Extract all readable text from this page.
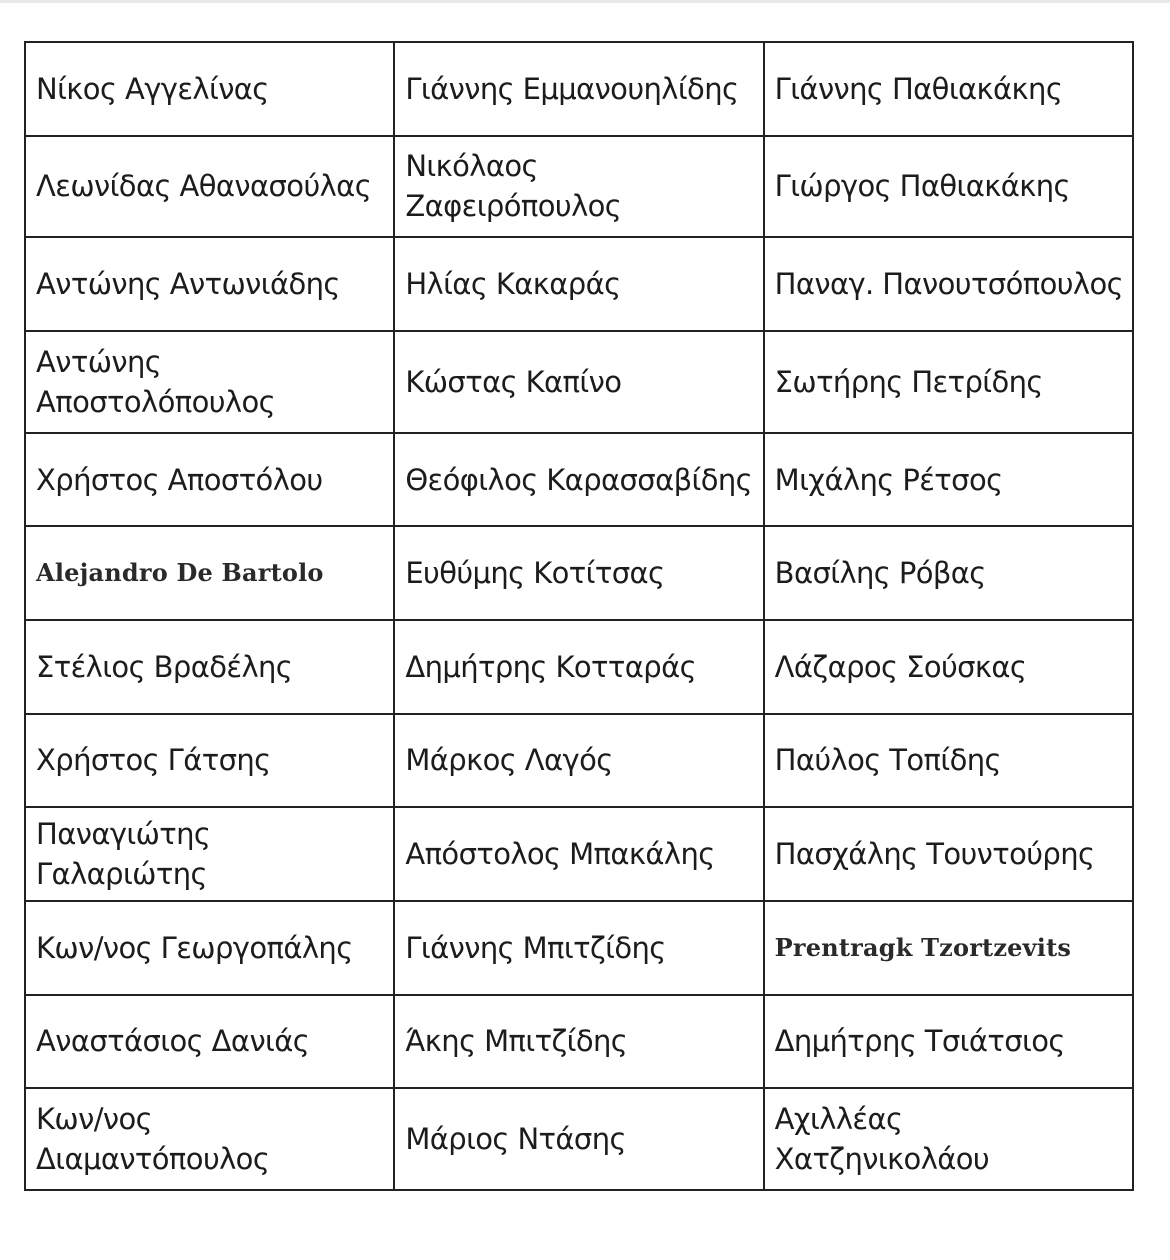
Νίκος Αγγελίνας	Γιάννης Εμμανουηλίδης	Γιάννης Παθιακάκης
Λεωνίδας Αθανασούλας	Νικόλαος Ζαφειρόπουλος	Γιώργος Παθιακάκης
Αντώνης Αντωνιάδης	Ηλίας Κακαράς	Παναγ. Πανουτσόπουλος
Αντώνης Αποστολόπουλος	Κώστας Καπίνο	Σωτήρης Πετρίδης
Χρήστος Αποστόλου	Θεόφιλος Καρασσαβίδης	Μιχάλης Ρέτσος
Alejandro De Bartolo	Ευθύμης Κοτίτσας	Βασίλης Ρόβας
Στέλιος Βραδέλης	Δημήτρης Κοτταράς	Λάζαρος Σούσκας
Χρήστος Γάτσης	Μάρκος Λαγός	Παύλος Τοπίδης
Παναγιώτης Γαλαριώτης	Απόστολος Μπακάλης	Πασχάλης Τουντούρης
Κων/νος Γεωργοπάλης	Γιάννης Μπιτζίδης	Prentragk Tzortzevits
Αναστάσιος Δανιάς	Άκης Μπιτζίδης	Δημήτρης Τσιάτσιος
Κων/νος Διαμαντόπουλος	Μάριος Ντάσης	Αχιλλέας Χατζηνικολάου
